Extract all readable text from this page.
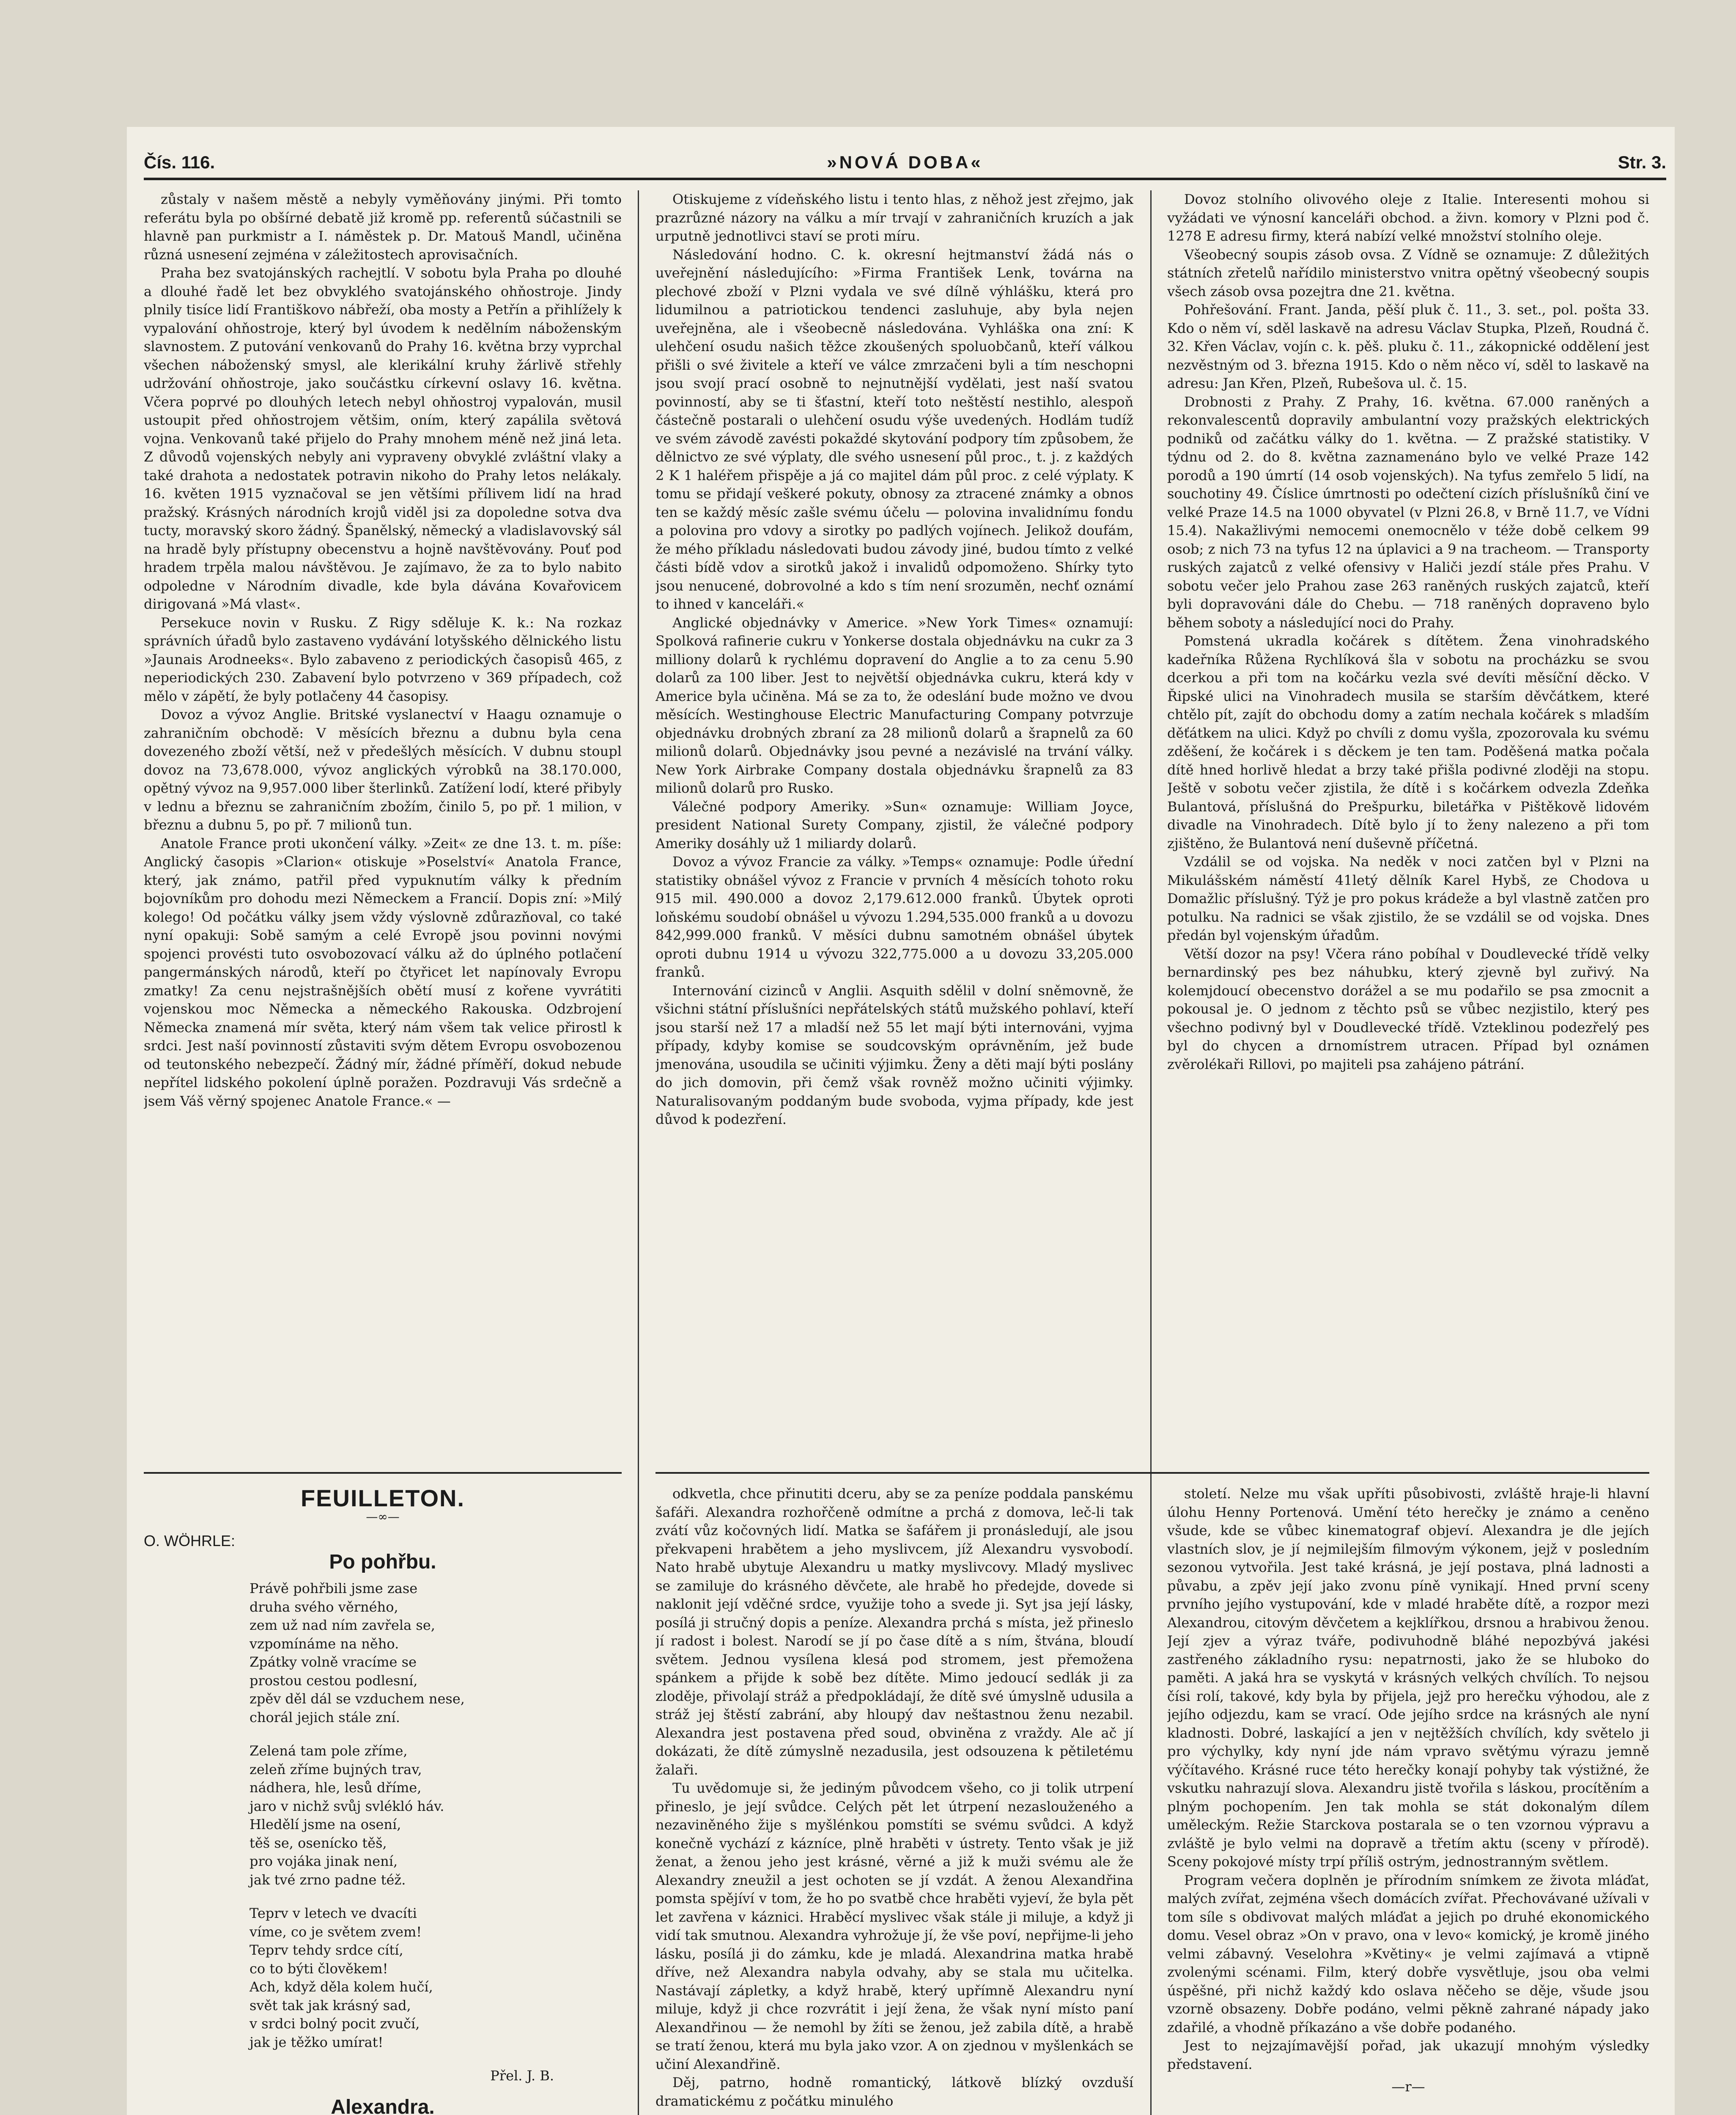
Čís. 116.	»NOVÁ DOBA«	Str. 3.

zůstaly v našem městě a nebyly vyměňovány jinými. Při tomto referátu byla po obšírné debatě již kromě pp. referentů súčastnili se hlavně pan purkmistr a I. náměstek p. Dr. Matouš Mandl, učiněna různá usnesení zejména v záležitostech aprovisačních.

Praha bez svatojánských rachejtlí. V sobotu byla Praha po dlouhé a dlouhé řadě let bez obvyklého svatojánského ohňostroje. Jindy plnily tisíce lidí Františkovo nábřeží, oba mosty a Petřín a přihlížely k vypalování ohňostroje, který byl úvodem k nedělním náboženským slavnostem. Z putování venkovanů do Prahy 16. května brzy vyprchal všechen náboženský smysl, ale klerikální kruhy žárlivě střehly udržování ohňostroje, jako součástku církevní oslavy 16. května. Včera poprvé po dlouhých letech nebyl ohňostroj vypalován, musil ustoupit před ohňostrojem většim, oním, který zapálila světová vojna. Venkovanů také přijelo do Prahy mnohem méně než jiná leta. Z důvodů vojenských nebyly ani vypraveny obvyklé zvláštní vlaky a také drahota a nedostatek potravin nikoho do Prahy letos nelákaly. 16. květen 1915 vyznačoval se jen většími přílivem lidí na hrad pražský. Krásných národních krojů viděl jsi za dopoledne sotva dva tucty, moravský skoro žádný. Španělský, německý a vladislavovský sál na hradě byly přístupny obecenstvu a hojně navštěvovány. Pouť pod hradem trpěla malou návštěvou. Je zajímavo, že za to bylo nabito odpoledne v Národním divadle, kde byla dávána Kovařovicem dirigovaná »Má vlast«.

Persekuce novin v Rusku. Z Rigy sděluje K. k.: Na rozkaz správních úřadů bylo zastaveno vydávání lotyšského dělnického listu »Jaunais Arodneeks«. Bylo zabaveno z periodických časopisů 465, z neperiodických 230. Zabavení bylo potvrzeno v 369 případech, což mělo v zápětí, že byly potlačeny 44 časopisy.

Dovoz a vývoz Anglie. Britské vyslanectví v Haagu oznamuje o zahraničním obchodě: V měsících březnu a dubnu byla cena dovezeného zboží větší, než v předešlých měsících. V dubnu stoupl dovoz na 73,678.000, vývoz anglických výrobků na 38.170.000, opětný vývoz na 9,957.000 liber šterlinků. Zatížení lodí, které přibyly v lednu a březnu se zahraničním zbožím, činilo 5, po př. 1 milion, v březnu a dubnu 5, po př. 7 milionů tun.

Anatole France proti ukončení války. »Zeit« ze dne 13. t. m. píše: Anglický časopis »Clarion« otiskuje »Poselství« Anatola France, který, jak známo, patřil před vypuknutím války k předním bojovníkům pro dohodu mezi Německem a Francií. Dopis zní: »Milý kolego! Od počátku války jsem vždy výslovně zdůrazňoval, co také nyní opakuji: Sobě samým a celé Evropě jsou povinni novými spojenci provésti tuto osvobozovací válku až do úplného potlačení pangermánských národů, kteří po čtyřicet let napínovaly Evropu zmatky! Za cenu nejstrašnějších obětí musí z kořene vyvrátiti vojenskou moc Německa a německého Rakouska. Odzbrojení Německa znamená mír světa, který nám všem tak velice přirostl k srdci. Jest naší povinností zůstaviti svým dětem Evropu osvobozenou od teutonského nebezpečí. Žádný mír, žádné příměří, dokud nebude nepřítel lidského pokolení úplně poražen. Pozdravuji Vás srdečně a jsem Váš věrný spojenec Anatole France.« —

Otiskujeme z vídeňského listu i tento hlas, z něhož jest zřejmo, jak prazrůzné názory na válku a mír trvají v zahraničních kruzích a jak urputně jednotlivci staví se proti míru.

Následování hodno. C. k. okresní hejtmanství žádá nás o uveřejnění následujícího: »Firma František Lenk, továrna na plechové zboží v Plzni vydala ve své dílně výhlášku, která pro lidumilnou a patriotickou tendenci zasluhuje, aby byla nejen uveřejněna, ale i všeobecně následována. Vyhláška ona zní: K ulehčení osudu našich těžce zkoušených spoluobčanů, kteří válkou přišli o své živitele a kteří ve válce zmrzačeni byli a tím neschopni jsou svojí prací osobně to nejnutnější vydělati, jest naší svatou povinností, aby se ti šťastní, kteří toto neštěstí nestihlo, alespoň částečně postarali o ulehčení osudu výše uvedených. Hodlám tudíž ve svém závodě zavésti pokaždé skytování podpory tím způsobem, že dělnictvo ze své výplaty, dle svého usnesení půl proc., t. j. z každých 2 K 1 haléřem přispěje a já co majitel dám půl proc. z celé výplaty. K tomu se přidají veškeré pokuty, obnosy za ztracené známky a obnos ten se každý měsíc zašle svému účelu — polovina invalidnímu fondu a polovina pro vdovy a sirotky po padlých vojínech. Jelikož doufám, že mého příkladu následovati budou závody jiné, budou tímto z velké části bídě vdov a sirotků jakož i invalidů odpomoženo. Shírky tyto jsou nenucené, dobrovolné a kdo s tím není srozuměn, nechť oznámí to ihned v kanceláři.«

Anglické objednávky v Americe. »New York Times« oznamují: Spolková rafinerie cukru v Yonkerse dostala objednávku na cukr za 3 milliony dolarů k rychlému dopravení do Anglie a to za cenu 5.90 dolarů za 100 liber. Jest to největší objednávka cukru, která kdy v Americe byla učiněna. Má se za to, že odeslání bude možno ve dvou měsících. Westinghouse Electric Manufacturing Company potvrzuje objednávku drobných zbraní za 28 milionů dolarů a šrapnelů za 60 milionů dolarů. Objednávky jsou pevné a nezávislé na trvání války. New York Airbrake Company dostala objednávku šrapnelů za 83 milionů dolarů pro Rusko.

Válečné podpory Ameriky. »Sun« oznamuje: William Joyce, president National Surety Company, zjistil, že válečné podpory Ameriky dosáhly už 1 miliardy dolarů.

Dovoz a vývoz Francie za války. »Temps« oznamuje: Podle úřední statistiky obnášel vývoz z Francie v prvních 4 měsících tohoto roku 915 mil. 490.000 a dovoz 2,179.612.000 franků. Úbytek oproti loňskému soudobí obnášel u vývozu 1.294,535.000 franků a u dovozu 842,999.000 franků. V měsíci dubnu samotném obnášel úbytek oproti dubnu 1914 u vývozu 322,775.000 a u dovozu 33,205.000 franků.

Internování cizinců v Anglii. Asquith sdělil v dolní sněmovně, že všichni státní příslušníci nepřátelských států mužského pohlaví, kteří jsou starší než 17 a mladší než 55 let mají býti internováni, vyjma případy, kdyby komise se soudcovským oprávněním, jež bude jmenována, usoudila se učiniti výjimku. Ženy a děti mají býti poslány do jich domovin, při čemž však rovněž možno učiniti výjimky. Naturalisovaným poddaným bude svoboda, vyjma případy, kde jest důvod k podezření.

Dovoz stolního olivového oleje z Italie. Interesenti mohou si vyžádati ve výnosní kanceláři obchod. a živn. komory v Plzni pod č. 1278 E adresu firmy, která nabízí velké množství stolního oleje.

Všeobecný soupis zásob ovsa. Z Vídně se oznamuje: Z důležitých státních zřetelů nařídilo ministerstvo vnitra opětný všeobecný soupis všech zásob ovsa pozejtra dne 21. května.

Pohřešování. Frant. Janda, pěší pluk č. 11., 3. set., pol. pošta 33. Kdo o něm ví, sděl laskavě na adresu Václav Stupka, Plzeň, Roudná č. 32. Křen Václav, vojín c. k. pěš. pluku č. 11., zákopnické oddělení jest nezvěstným od 3. března 1915. Kdo o něm něco ví, sděl to laskavě na adresu: Jan Křen, Plzeň, Rubešova ul. č. 15.

Drobnosti z Prahy. Z Prahy, 16. května. 67.000 raněných a rekonvalescentů dopravily ambulantní vozy pražských elektrických podniků od začátku války do 1. května. — Z pražské statistiky. V týdnu od 2. do 8. května zaznamenáno bylo ve velké Praze 142 porodů a 190 úmrtí (14 osob vojenských). Na tyfus zemřelo 5 lidí, na souchotiny 49. Číslice úmrtnosti po odečtení cizích příslušníků činí ve velké Praze 14.5 na 1000 obyvatel (v Plzni 26.8, v Brně 11.7, ve Vídni 15.4). Nakažlivými nemocemi onemocnělo v téže době celkem 99 osob; z nich 73 na tyfus 12 na úplavici a 9 na tracheom. — Transporty ruských zajatců z velké ofensivy v Haliči jezdí stále přes Prahu. V sobotu večer jelo Prahou zase 263 raněných ruských zajatců, kteří byli dopravováni dále do Chebu. — 718 raněných dopraveno bylo během soboty a následující noci do Prahy.

Pomstená ukradla kočárek s dítětem. Žena vinohradského kadeřníka Růžena Rychlíková šla v sobotu na procházku se svou dcerkou a při tom na kočárku vezla své devíti měsíční děcko. V Řipské ulici na Vinohradech musila se starším děvčátkem, které chtělo pít, zajít do obchodu domy a zatím nechala kočárek s mladším děťátkem na ulici. Když po chvíli z domu vyšla, zpozorovala ku svému zděšení, že kočárek i s děckem je ten tam. Poděšená matka počala dítě hned horlivě hledat a brzy také přišla podivné zloději na stopu. Ještě v sobotu večer zjistila, že dítě i s kočárkem odvezla Zdeňka Bulantová, příslušná do Prešpurku, biletářka v Pištěkově lidovém divadle na Vinohradech. Dítě bylo jí to ženy nalezeno a při tom zjištěno, že Bulantová není duševně příčetná.

Vzdálil se od vojska. Na neděk v noci zatčen byl v Plzni na Mikulášském náměstí 41letý dělník Karel Hybš, ze Chodova u Domažlic příslušný. Týž je pro pokus krádeže a byl vlastně zatčen pro potulku. Na radnici se však zjistilo, že se vzdálil se od vojska. Dnes předán byl vojenským úřadům.

Větší dozor na psy! Včera ráno pobíhal v Doudlevecké třídě velky bernardinský pes bez náhubku, který zjevně byl zuřivý. Na kolemjdoucí obecenstvo dorážel a se mu podařilo se psa zmocnit a pokousal je. O jednom z těchto psů se vůbec nezjistilo, který pes všechno podivný byl v Doudlevecké třídě. Vzteklinou podezřelý pes byl do chycen a drnomístrem utracen. Případ byl oznámen zvěrolékaři Rillovi, po majiteli psa zahájeno pátrání.

FEUILLETON.
—∞—
O. WÖHRLE:
Po pohřbu.
Právě pohřbili jsme zase
druha svého věrného,
zem už nad ním zavřela se,
vzpomínáme na něho.
Zpátky volně vracíme se
prostou cestou podlesní,
zpěv děl dál se vzduchem nese,
chorál jejich stále zní.
Zelená tam pole zříme,
zeleň zříme bujných trav,
nádhera, hle, lesů dříme,
jaro v nichž svůj svlékló háv.
Hledělí jsme na osení,
těš se, osenícko těš,
pro vojáka jinak není,
jak tvé zrno padne též.
Teprv v letech ve dvacíti
víme, co je světem zvem!
Teprv tehdy srdce cítí,
co to býti člověkem!
Ach, když děla kolem hučí,
svět tak jak krásný sad,
v srdci bolný pocit zvučí,
jak je těžko umírat!
Přel. J. B.
Alexandra.

odkvetla, chce přinutiti dceru, aby se za peníze poddala panskému šafáři. Alexandra rozhořčeně odmítne a prchá z domova, leč-li tak zvátí vůz kočovných lidí. Matka se šafářem ji pronásledují, ale jsou překvapeni hrabětem a jeho myslivcem, jíž Alexandru vysvobodí. Nato hrabě ubytuje Alexandru u matky myslivcovy. Mladý myslivec se zamiluje do krásného děvčete, ale hrabě ho předejde, dovede si naklonit její vděčné srdce, využije toho a svede ji. Syt jsa její lásky, posílá ji stručný dopis a peníze. Alexandra prchá s místa, jež přineslo jí radost i bolest. Narodí se jí po čase dítě a s ním, štvána, bloudí světem. Jednou vysílena klesá pod stromem, jest přemožena spánkem a přijde k sobě bez dítěte. Mimo jedoucí sedlák ji za zloděje, přivolají stráž a předpokládají, že dítě své úmyslně udusila a stráž jej štěstí zabrání, aby hloupý dav neštastnou ženu nezabil. Alexandra jest postavena před soud, obviněna z vraždy. Ale ač jí dokázati, že dítě zúmyslně nezadusila, jest odsouzena k pětiletému žalaři.

Tu uvědomuje si, že jediným původcem všeho, co ji tolik utrpení přineslo, je její svůdce. Celých pět let útrpení nezaslouženého a nezaviněného žije s myšlénkou pomstíti se svému svůdci. A když konečně vychází z kázníce, plně hraběti v ústrety. Tento však je již ženat, a ženou jeho jest krásné, věrné a již k muži svému ale že Alexandry zneužil a jest ochoten se jí vzdát. A ženou Alexandřina pomsta spějíví v tom, že ho po svatbě chce hraběti vyjeví, že byla pět let zavřena v káznici. Hraběcí myslivec však stále ji miluje, a když ji vidí tak smutnou. Alexandra vyhrožuje jí, že vše poví, nepřijme-li jeho lásku, posílá ji do zámku, kde je mladá. Alexandrina matka hrabě dříve, než Alexandra nabyla odvahy, aby se stala mu učitelka. Nastávají zápletky, a když hrabě, který upřímně Alexandru nyní miluje, když ji chce rozvrátit i její žena, že však nyní místo paní Alexandřinou — že nemohl by žíti se ženou, jež zabila dítě, a hrabě se tratí ženou, která mu byla jako vzor. A on zjednou v myšlenkách se učiní Alexandřině.

Děj, patrno, hodně romantický, látkově blízký ovzduší dramatickému z počátku minulého

století. Nelze mu však upříti působivosti, zvláště hraje-li hlavní úlohu Henny Portenová. Umění této herečky je známo a ceněno všude, kde se vůbec kinematograf objeví. Alexandra je dle jejích vlastních slov, je jí nejmilejším filmovým výkonem, jejž v posledním sezonou vytvořila. Jest také krásná, je její postava, plná ladnosti a půvabu, a zpěv její jako zvonu píně vynikají. Hned první sceny prvního jejího vystupování, kde v mladé hraběte dítě, a rozpor mezi Alexandrou, citovým děvčetem a kejklířkou, drsnou a hrabivou ženou. Její zjev a výraz tváře, podivuhodně bláhé nepozbývá jakési zastřeného základního rysu: nepatrnosti, jako že se hluboko do paměti. A jaká hra se vyskytá v krásných velkých chvílích. To nejsou čísi rolí, takové, kdy byla by přijela, jejž pro herečku výhodou, ale z jejího odjezdu, kam se vrací. Ode jejího srdce na krásných ale nyní kladnosti. Dobré, laskající a jen v nejtěžších chvílích, kdy světelo ji pro výchylky, kdy nyní jde nám vpravo světýmu výrazu jemně výčítavého. Krásné ruce této herečky konají pohyby tak výstižné, že vskutku nahrazují slova. Alexandru jistě tvořila s láskou, procítěním a plným pochopením. Jen tak mohla se stát dokonalým dílem uměleckým. Režie Starckova postarala se o ten vzornou výpravu a zvláště je bylo velmi na dopravě a třetím aktu (sceny v přírodě). Sceny pokojové místy trpí příliš ostrým, jednostranným světlem.

Program večera doplněn je přírodním snímkem ze života mláďat, malých zvířat, zejména všech domácích zvířat. Přechovávané užívali v tom síle s obdivovat malých mláďat a jejich po druhé ekonomického domu. Vesel obraz »On v pravo, ona v levo« komický, je kromě jiného velmi zábavný. Veselohra »Květiny« je velmi zajímavá a vtipně zvolenými scénami. Film, který dobře vysvětluje, jsou oba velmi úspěšné, při nichž každý kdo oslava něčeho se děje, všude jsou vzorně obsazeny. Dobře podáno, velmi pěkně zahrané nápady jako zdařilé, a vhodně příkazáno a vše dobře podaného.

Jest to nejzajímavější pořad, jak ukazují mnohým výsledky představení.

—r—
